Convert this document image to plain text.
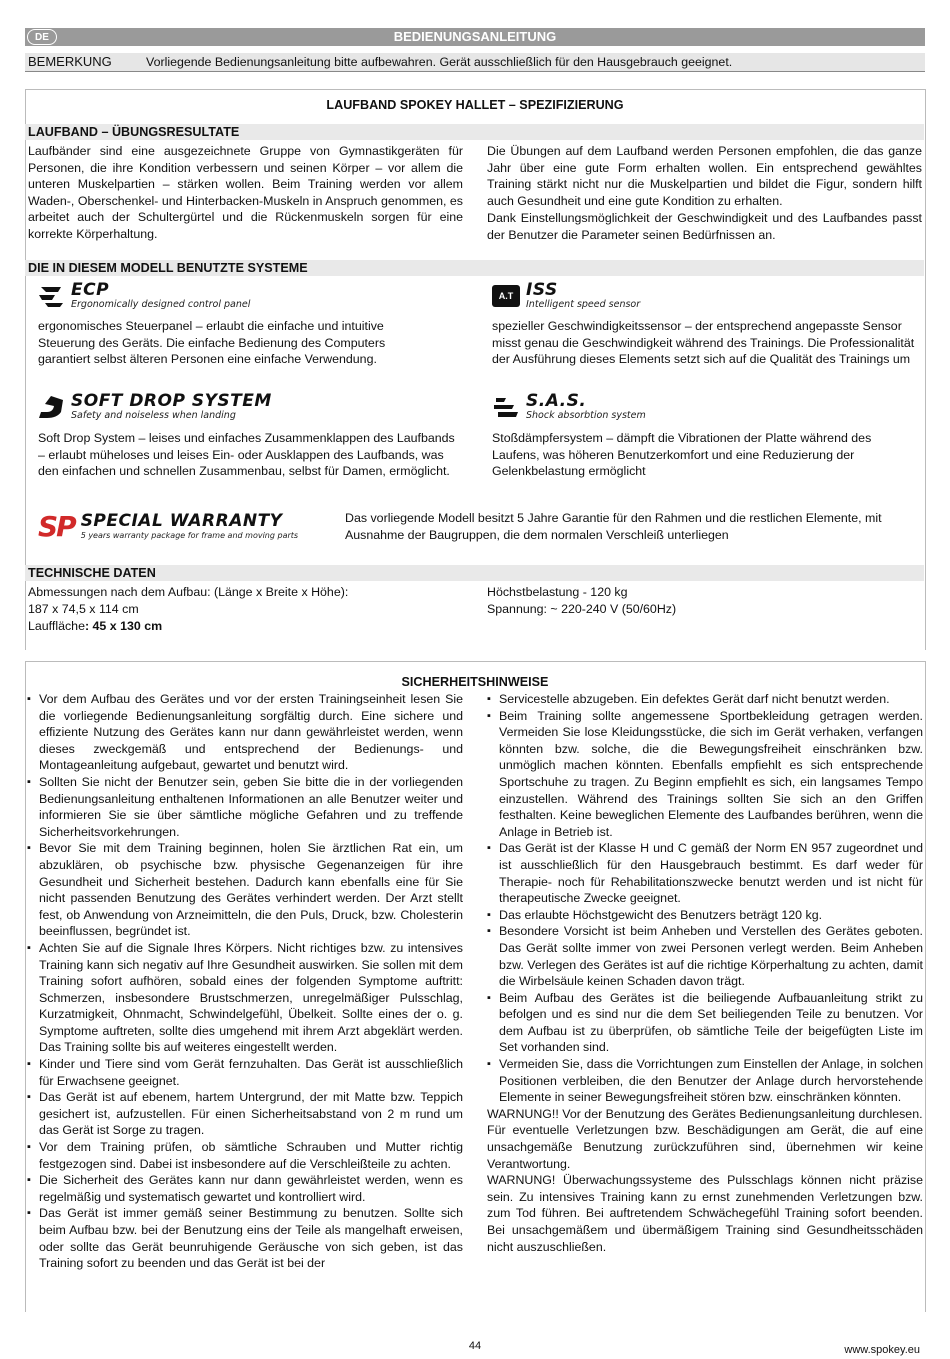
DE	BEDIENUNGSANLEITUNG
BEMERKUNG	Vorliegende Bedienungsanleitung bitte aufbewahren. Gerät ausschließlich für den Hausgebrauch geeignet.
LAUFBAND SPOKEY HALLET – SPEZIFIZIERUNG
LAUFBAND – ÜBUNGSRESULTATE
Laufbänder sind eine ausgezeichnete Gruppe von Gymnastikgeräten für Personen, die ihre Kondition verbessern und seinen Körper – vor allem die unteren Muskelpartien – stärken wollen. Beim Training werden vor allem Waden-, Oberschenkel- und Hinterbacken-Muskeln in Anspruch genommen, es arbeitet auch der Schultergürtel und die Rückenmuskeln sorgen für eine korrekte Körperhaltung.
Die Übungen auf dem Laufband werden Personen empfohlen, die das ganze Jahr über eine gute Form erhalten wollen. Ein entsprechend gewähltes Training stärkt nicht nur die Muskelpartien und bildet die Figur, sondern hilft auch Gesundheit und eine gute Kondition zu erhalten.
Dank Einstellungsmöglichkeit der Geschwindigkeit und des Laufbandes passt der Benutzer die Parameter seinen Bedürfnissen an.
DIE IN DIESEM MODELL BENUTZTE SYSTEME
ECP
Ergonomically designed control panel
ergonomisches Steuerpanel – erlaubt die einfache und intuitive Steuerung des Geräts. Die einfache Bedienung des Computers garantiert selbst älteren Personen eine einfache Verwendung.
A.T ISS
Intelligent speed sensor
spezieller Geschwindigkeitssensor – der entsprechend angepasste Sensor misst genau die Geschwindigkeit während des Trainings. Die Professionalität der Ausführung dieses Elements setzt sich auf die Qualität des Trainings um
SOFT DROP SYSTEM
Safety and noiseless when landing
Soft Drop System – leises und einfaches Zusammenklappen des Laufbands – erlaubt müheloses und leises Ein- oder Ausklappen des Laufbands, was den einfachen und schnellen Zusammenbau, selbst für Damen, ermöglicht.
S.A.S.
Shock absorbtion system
Stoßdämpfersystem – dämpft die Vibrationen der Platte während des Laufens, was höheren Benutzerkomfort und eine Reduzierung der Gelenkbelastung ermöglicht
SP SPECIAL WARRANTY
5 years warranty package for frame and moving parts
Das vorliegende Modell besitzt 5 Jahre Garantie für den Rahmen und die restlichen Elemente, mit Ausnahme der Baugruppen, die dem normalen Verschleiß unterliegen
TECHNISCHE DATEN
Abmessungen nach dem Aufbau: (Länge x Breite x Höhe):
187 x 74,5 x 114 cm
Lauffläche: 45 x 130 cm
Höchstbelastung - 120 kg
Spannung: ~ 220-240 V (50/60Hz)
SICHERHEITSHINWEISE
▪ Vor dem Aufbau des Gerätes und vor der ersten Trainingseinheit lesen Sie die vorliegende Bedienungsanleitung sorgfältig durch. Eine sichere und effiziente Nutzung des Gerätes kann nur dann gewährleistet werden, wenn dieses zweckgemäß und entsprechend der Bedienungs- und Montageanleitung aufgebaut, gewartet und benutzt wird.
▪ Sollten Sie nicht der Benutzer sein, geben Sie bitte die in der vorliegenden Bedienungsanleitung enthaltenen Informationen an alle Benutzer weiter und informieren Sie sie über sämtliche mögliche Gefahren und zu treffende Sicherheitsvorkehrungen.
▪ Bevor Sie mit dem Training beginnen, holen Sie ärztlichen Rat ein, um abzuklären, ob psychische bzw. physische Gegenanzeigen für ihre Gesundheit und Sicherheit bestehen. Dadurch kann ebenfalls eine für Sie nicht passenden Benutzung des Gerätes verhindert werden. Der Arzt stellt fest, ob Anwendung von Arzneimitteln, die den Puls, Druck, bzw. Cholesterin beeinflussen, begründet ist.
▪ Achten Sie auf die Signale Ihres Körpers. Nicht richtiges bzw. zu intensives Training kann sich negativ auf Ihre Gesundheit auswirken. Sie sollen mit dem Training sofort aufhören, sobald eines der folgenden Symptome auftritt: Schmerzen, insbesondere Brustschmerzen, unregelmäßiger Pulsschlag, Kurzatmigkeit, Ohnmacht, Schwindelgefühl, Übelkeit. Sollte eines der o. g. Symptome auftreten, sollte dies umgehend mit ihrem Arzt abgeklärt werden. Das Training sollte bis auf weiteres eingestellt werden.
▪ Kinder und Tiere sind vom Gerät fernzuhalten. Das Gerät ist ausschließlich für Erwachsene geeignet.
▪ Das Gerät ist auf ebenem, hartem Untergrund, der mit Matte bzw. Teppich gesichert ist, aufzustellen. Für einen Sicherheitsabstand von 2 m rund um das Gerät ist Sorge zu tragen.
▪ Vor dem Training prüfen, ob sämtliche Schrauben und Mutter richtig festgezogen sind. Dabei ist insbesondere auf die Verschleißteile zu achten.
▪ Die Sicherheit des Gerätes kann nur dann gewährleistet werden, wenn es regelmäßig und systematisch gewartet und kontrolliert wird.
▪ Das Gerät ist immer gemäß seiner Bestimmung zu benutzen. Sollte sich beim Aufbau bzw. bei der Benutzung eins der Teile als mangelhaft erweisen, oder sollte das Gerät beunruhigende Geräusche von sich geben, ist das Training sofort zu beenden und das Gerät ist bei der
▪ Servicestelle abzugeben. Ein defektes Gerät darf nicht benutzt werden.
▪ Beim Training sollte angemessene Sportbekleidung getragen werden. Vermeiden Sie lose Kleidungsstücke, die sich im Gerät verhaken, verfangen könnten bzw. solche, die die Bewegungsfreiheit einschränken bzw. unmöglich machen könnten. Ebenfalls empfiehlt es sich entsprechende Sportschuhe zu tragen. Zu Beginn empfiehlt es sich, ein langsames Tempo einzustellen. Während des Trainings sollten Sie sich an den Griffen festhalten. Keine beweglichen Elemente des Laufbandes berühren, wenn die Anlage in Betrieb ist.
▪ Das Gerät ist der Klasse H und C gemäß der Norm EN 957 zugeordnet und ist ausschließlich für den Hausgebrauch bestimmt. Es darf weder für Therapie- noch für Rehabilitationszwecke benutzt werden und ist nicht für therapeutische Zwecke geeignet.
▪ Das erlaubte Höchstgewicht des Benutzers beträgt 120 kg.
▪ Besondere Vorsicht ist beim Anheben und Verstellen des Gerätes geboten. Das Gerät sollte immer von zwei Personen verlegt werden. Beim Anheben bzw. Verlegen des Gerätes ist auf die richtige Körperhaltung zu achten, damit die Wirbelsäule keinen Schaden davon trägt.
▪ Beim Aufbau des Gerätes ist die beiliegende Aufbauanleitung strikt zu befolgen und es sind nur die dem Set beiliegenden Teile zu benutzen. Vor dem Aufbau ist zu überprüfen, ob sämtliche Teile der beigefügten Liste im Set vorhanden sind.
▪ Vermeiden Sie, dass die Vorrichtungen zum Einstellen der Anlage, in solchen Positionen verbleiben, die den Benutzer der Anlage durch hervorstehende Elemente in seiner Bewegungsfreiheit stören bzw. einschränken könnten.
WARNUNG!! Vor der Benutzung des Gerätes Bedienungsanleitung durchlesen.
Für eventuelle Verletzungen bzw. Beschädigungen am Gerät, die auf eine unsachgemäße Benutzung zurückzuführen sind, übernehmen wir keine Verantwortung.
WARNUNG! Überwachungssysteme des Pulsschlags können nicht präzise sein. Zu intensives Training kann zu ernst zunehmenden Verletzungen bzw. zum Tod führen. Bei auftretendem Schwächegefühl Training sofort beenden. Bei unsachgemäßem und übermäßigem Training sind Gesundheitsschäden nicht auszuschließen.
44	www.spokey.eu
